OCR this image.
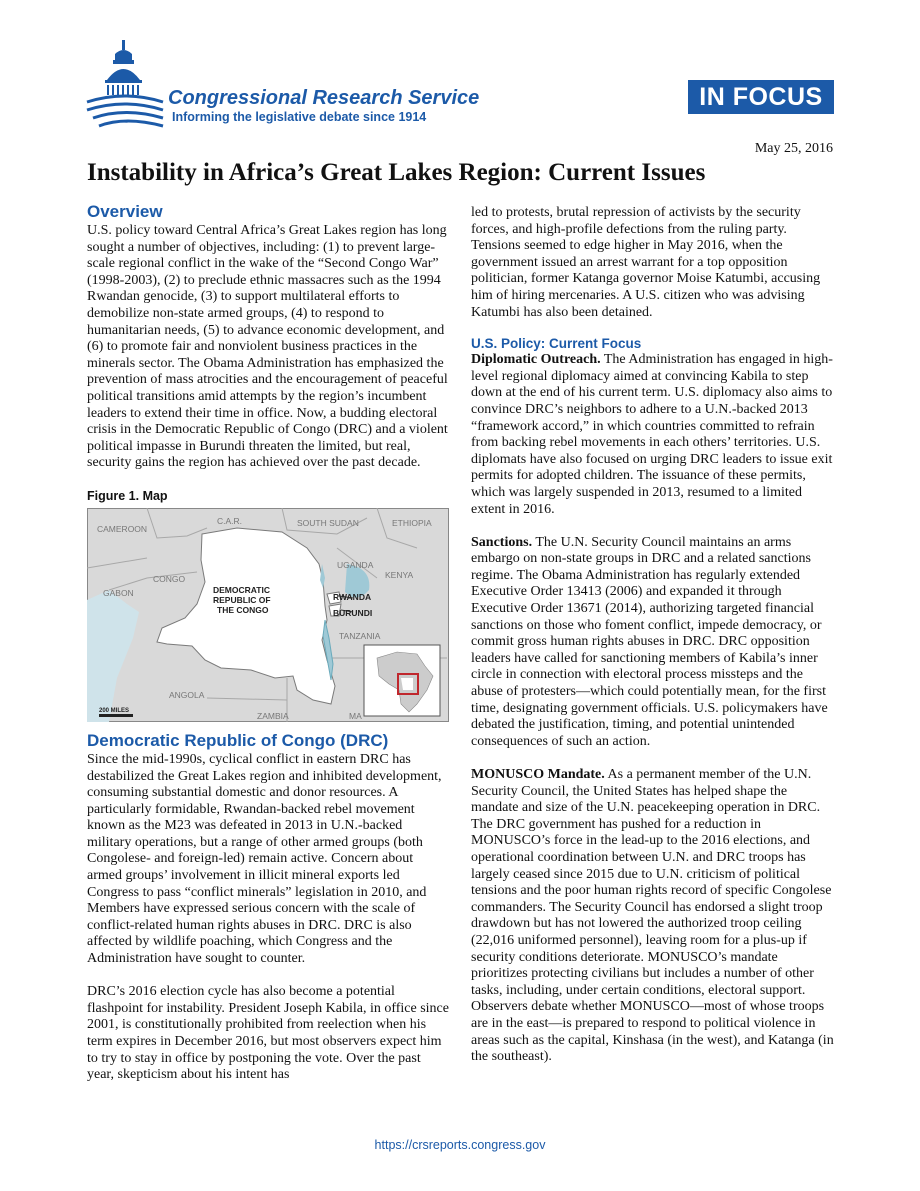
Congressional Research Service
Informing the legislative debate since 1914
IN FOCUS
May 25, 2016
Instability in Africa’s Great Lakes Region: Current Issues
Overview

U.S. policy toward Central Africa’s Great Lakes region has long sought a number of objectives, including: (1) to prevent large-scale regional conflict in the wake of the “Second Congo War” (1998-2003), (2) to preclude ethnic massacres such as the 1994 Rwandan genocide, (3) to support multilateral efforts to demobilize non-state armed groups, (4) to respond to humanitarian needs, (5) to advance economic development, and (6) to promote fair and nonviolent business practices in the minerals sector. The Obama Administration has emphasized the prevention of mass atrocities and the encouragement of peaceful political transitions amid attempts by the region’s incumbent leaders to extend their time in office. Now, a budding electoral crisis in the Democratic Republic of Congo (DRC) and a violent political impasse in Burundi threaten the limited, but real, security gains the region has achieved over the past decade.

Figure 1. Map

C.A.R.
CAMEROON
SOUTH SUDAN	ETHIOPIA
UGANDA
KENYA
CONGO
GABON	DEMOCRATIC
REPUBLIC OF
THE CONGO
RWANDA
BURUNDI
TANZANIA
ANGOLA
ZAMBIA	MA
200 MILES
Democratic Republic of Congo (DRC)

Since the mid-1990s, cyclical conflict in eastern DRC has destabilized the Great Lakes region and inhibited development, consuming substantial domestic and donor resources. A particularly formidable, Rwandan-backed rebel movement known as the M23 was defeated in 2013 in U.N.-backed military operations, but a range of other armed groups (both Congolese- and foreign-led) remain active. Concern about armed groups’ involvement in illicit mineral exports led Congress to pass “conflict minerals” legislation in 2010, and Members have expressed serious concern with the scale of conflict-related human rights abuses in DRC. DRC is also affected by wildlife poaching, which Congress and the Administration have sought to counter.

DRC’s 2016 election cycle has also become a potential flashpoint for instability. President Joseph Kabila, in office since 2001, is constitutionally prohibited from reelection when his term expires in December 2016, but most observers expect him to try to stay in office by postponing the vote. Over the past year, skepticism about his intent has

led to protests, brutal repression of activists by the security forces, and high-profile defections from the ruling party. Tensions seemed to edge higher in May 2016, when the government issued an arrest warrant for a top opposition politician, former Katanga governor Moise Katumbi, accusing him of hiring mercenaries. A U.S. citizen who was advising Katumbi has also been detained.

U.S. Policy: Current Focus

Diplomatic Outreach. The Administration has engaged in high-level regional diplomacy aimed at convincing Kabila to step down at the end of his current term. U.S. diplomacy also aims to convince DRC’s neighbors to adhere to a U.N.-backed 2013 “framework accord,” in which countries committed to refrain from backing rebel movements in each others’ territories. U.S. diplomats have also focused on urging DRC leaders to issue exit permits for adopted children. The issuance of these permits, which was largely suspended in 2013, resumed to a limited extent in 2016.

Sanctions. The U.N. Security Council maintains an arms embargo on non-state groups in DRC and a related sanctions regime. The Obama Administration has regularly extended Executive Order 13413 (2006) and expanded it through Executive Order 13671 (2014), authorizing targeted financial sanctions on those who foment conflict, impede democracy, or commit gross human rights abuses in DRC. DRC opposition leaders have called for sanctioning members of Kabila’s inner circle in connection with electoral process missteps and the abuse of protesters—which could potentially mean, for the first time, designating government officials. U.S. policymakers have debated the justification, timing, and potential unintended consequences of such an action.

MONUSCO Mandate. As a permanent member of the U.N. Security Council, the United States has helped shape the mandate and size of the U.N. peacekeeping operation in DRC. The DRC government has pushed for a reduction in MONUSCO’s force in the lead-up to the 2016 elections, and operational coordination between U.N. and DRC troops has largely ceased since 2015 due to U.N. criticism of political tensions and the poor human rights record of specific Congolese commanders. The Security Council has endorsed a slight troop drawdown but has not lowered the authorized troop ceiling (22,016 uniformed personnel), leaving room for a plus-up if security conditions deteriorate. MONUSCO’s mandate prioritizes protecting civilians but includes a number of other tasks, including, under certain conditions, electoral support. Observers debate whether MONUSCO—most of whose troops are in the east—is prepared to respond to political violence in areas such as the capital, Kinshasa (in the west), and Katanga (in the southeast).

https://crsreports.congress.gov
